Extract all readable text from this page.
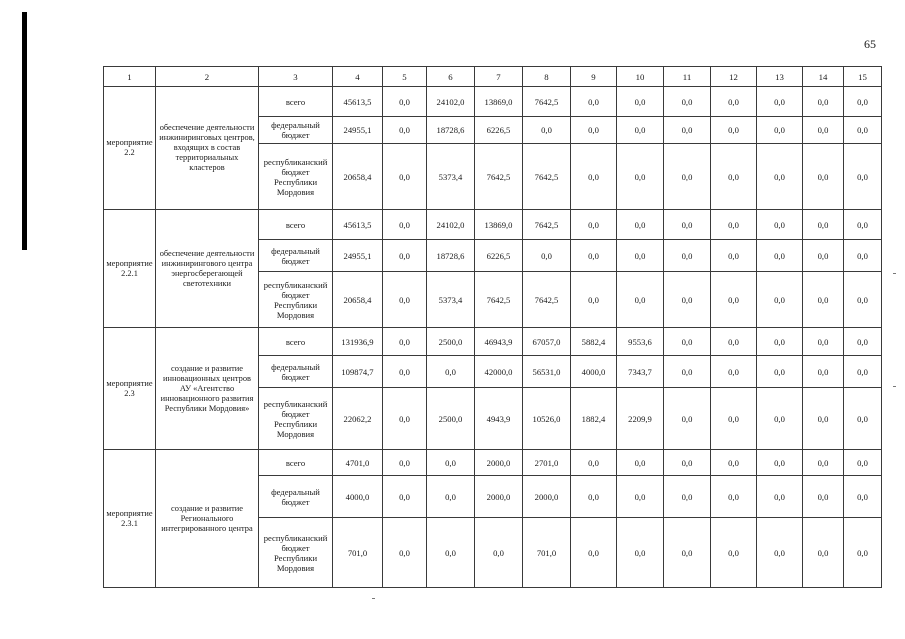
65
1	2	3	4	5	6	7	8	9	10	11	12	13	14	15
мероприятие 2.2	обеспечение деятельности инжиниринговых центров, входящих в состав территориальных кластеров	всего	45613,5	0,0	24102,0	13869,0	7642,5	0,0	0,0	0,0	0,0	0,0	0,0	0,0
		федеральный бюджет	24955,1	0,0	18728,6	6226,5	0,0	0,0	0,0	0,0	0,0	0,0	0,0	0,0
		республиканский бюджет Республики Мордовия	20658,4	0,0	5373,4	7642,5	7642,5	0,0	0,0	0,0	0,0	0,0	0,0	0,0
мероприятие 2.2.1	обеспечение деятельности инжинирингового центра энергосберегающей светотехники	всего	45613,5	0,0	24102,0	13869,0	7642,5	0,0	0,0	0,0	0,0	0,0	0,0	0,0
		федеральный бюджет	24955,1	0,0	18728,6	6226,5	0,0	0,0	0,0	0,0	0,0	0,0	0,0	0,0
		республиканский бюджет Республики Мордовия	20658,4	0,0	5373,4	7642,5	7642,5	0,0	0,0	0,0	0,0	0,0	0,0	0,0
мероприятие 2.3	создание и развитие инновационных центров АУ «Агентство инновационного развития Республики Мордовия»	всего	131936,9	0,0	2500,0	46943,9	67057,0	5882,4	9553,6	0,0	0,0	0,0	0,0	0,0
		федеральный бюджет	109874,7	0,0	0,0	42000,0	56531,0	4000,0	7343,7	0,0	0,0	0,0	0,0	0,0
		республиканский бюджет Республики Мордовия	22062,2	0,0	2500,0	4943,9	10526,0	1882,4	2209,9	0,0	0,0	0,0	0,0	0,0
мероприятие 2.3.1	создание и развитие Регионального интегрированного центра	всего	4701,0	0,0	0,0	2000,0	2701,0	0,0	0,0	0,0	0,0	0,0	0,0	0,0
		федеральный бюджет	4000,0	0,0	0,0	2000,0	2000,0	0,0	0,0	0,0	0,0	0,0	0,0	0,0
		республиканский бюджет Республики Мордовия	701,0	0,0	0,0	0,0	701,0	0,0	0,0	0,0	0,0	0,0	0,0	0,0
